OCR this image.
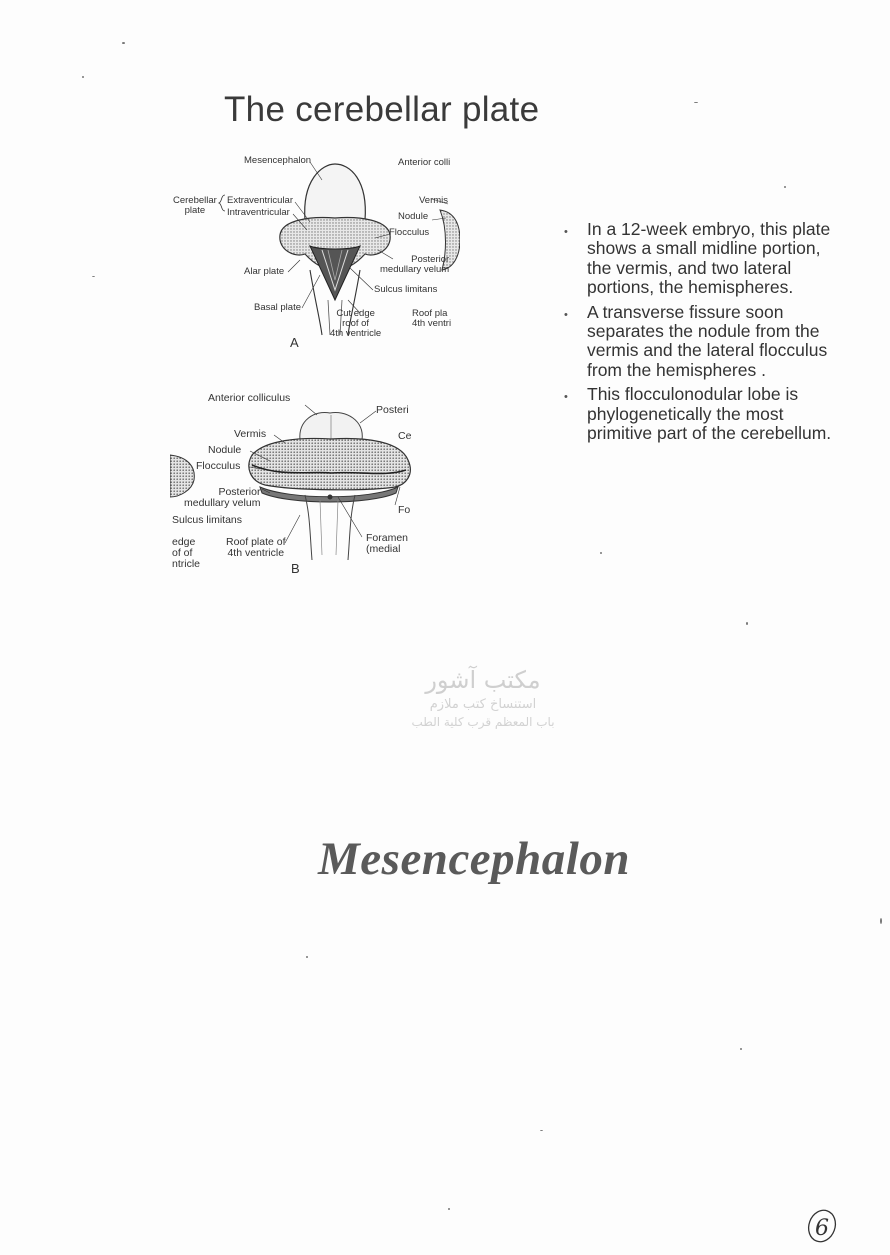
The cerebellar plate
Mesencephalon	Anterior colli
Cerebellar
plate
Extraventricular
Intraventricular
Vermis
Nodule
Flocculus
Posterior
medullary velum
Alar plate
Sulcus limitans
Basal plate
Cut edge
roof of
4th ventricle
Roof pla
4th ventri
A
Anterior colliculus
Posteri
Vermis	Ce
Nodule
Flocculus
Posterior
medullary velum
Fo
Sulcus limitans
edge
of of
ntricle
Roof plate of
4th ventricle
Foramen
(medial
B
• In a 12-week embryo, this plate shows a small midline portion, the vermis, and two lateral portions, the hemispheres.
• A transverse fissure soon separates the nodule from the vermis and the lateral flocculus from the hemispheres .
• This flocculonodular lobe is phylogenetically the most primitive part of the cerebellum.
مكتب آشور
استنساخ كتب ملازم
باب المعظم قرب كلية الطب
Mesencephalon
6
